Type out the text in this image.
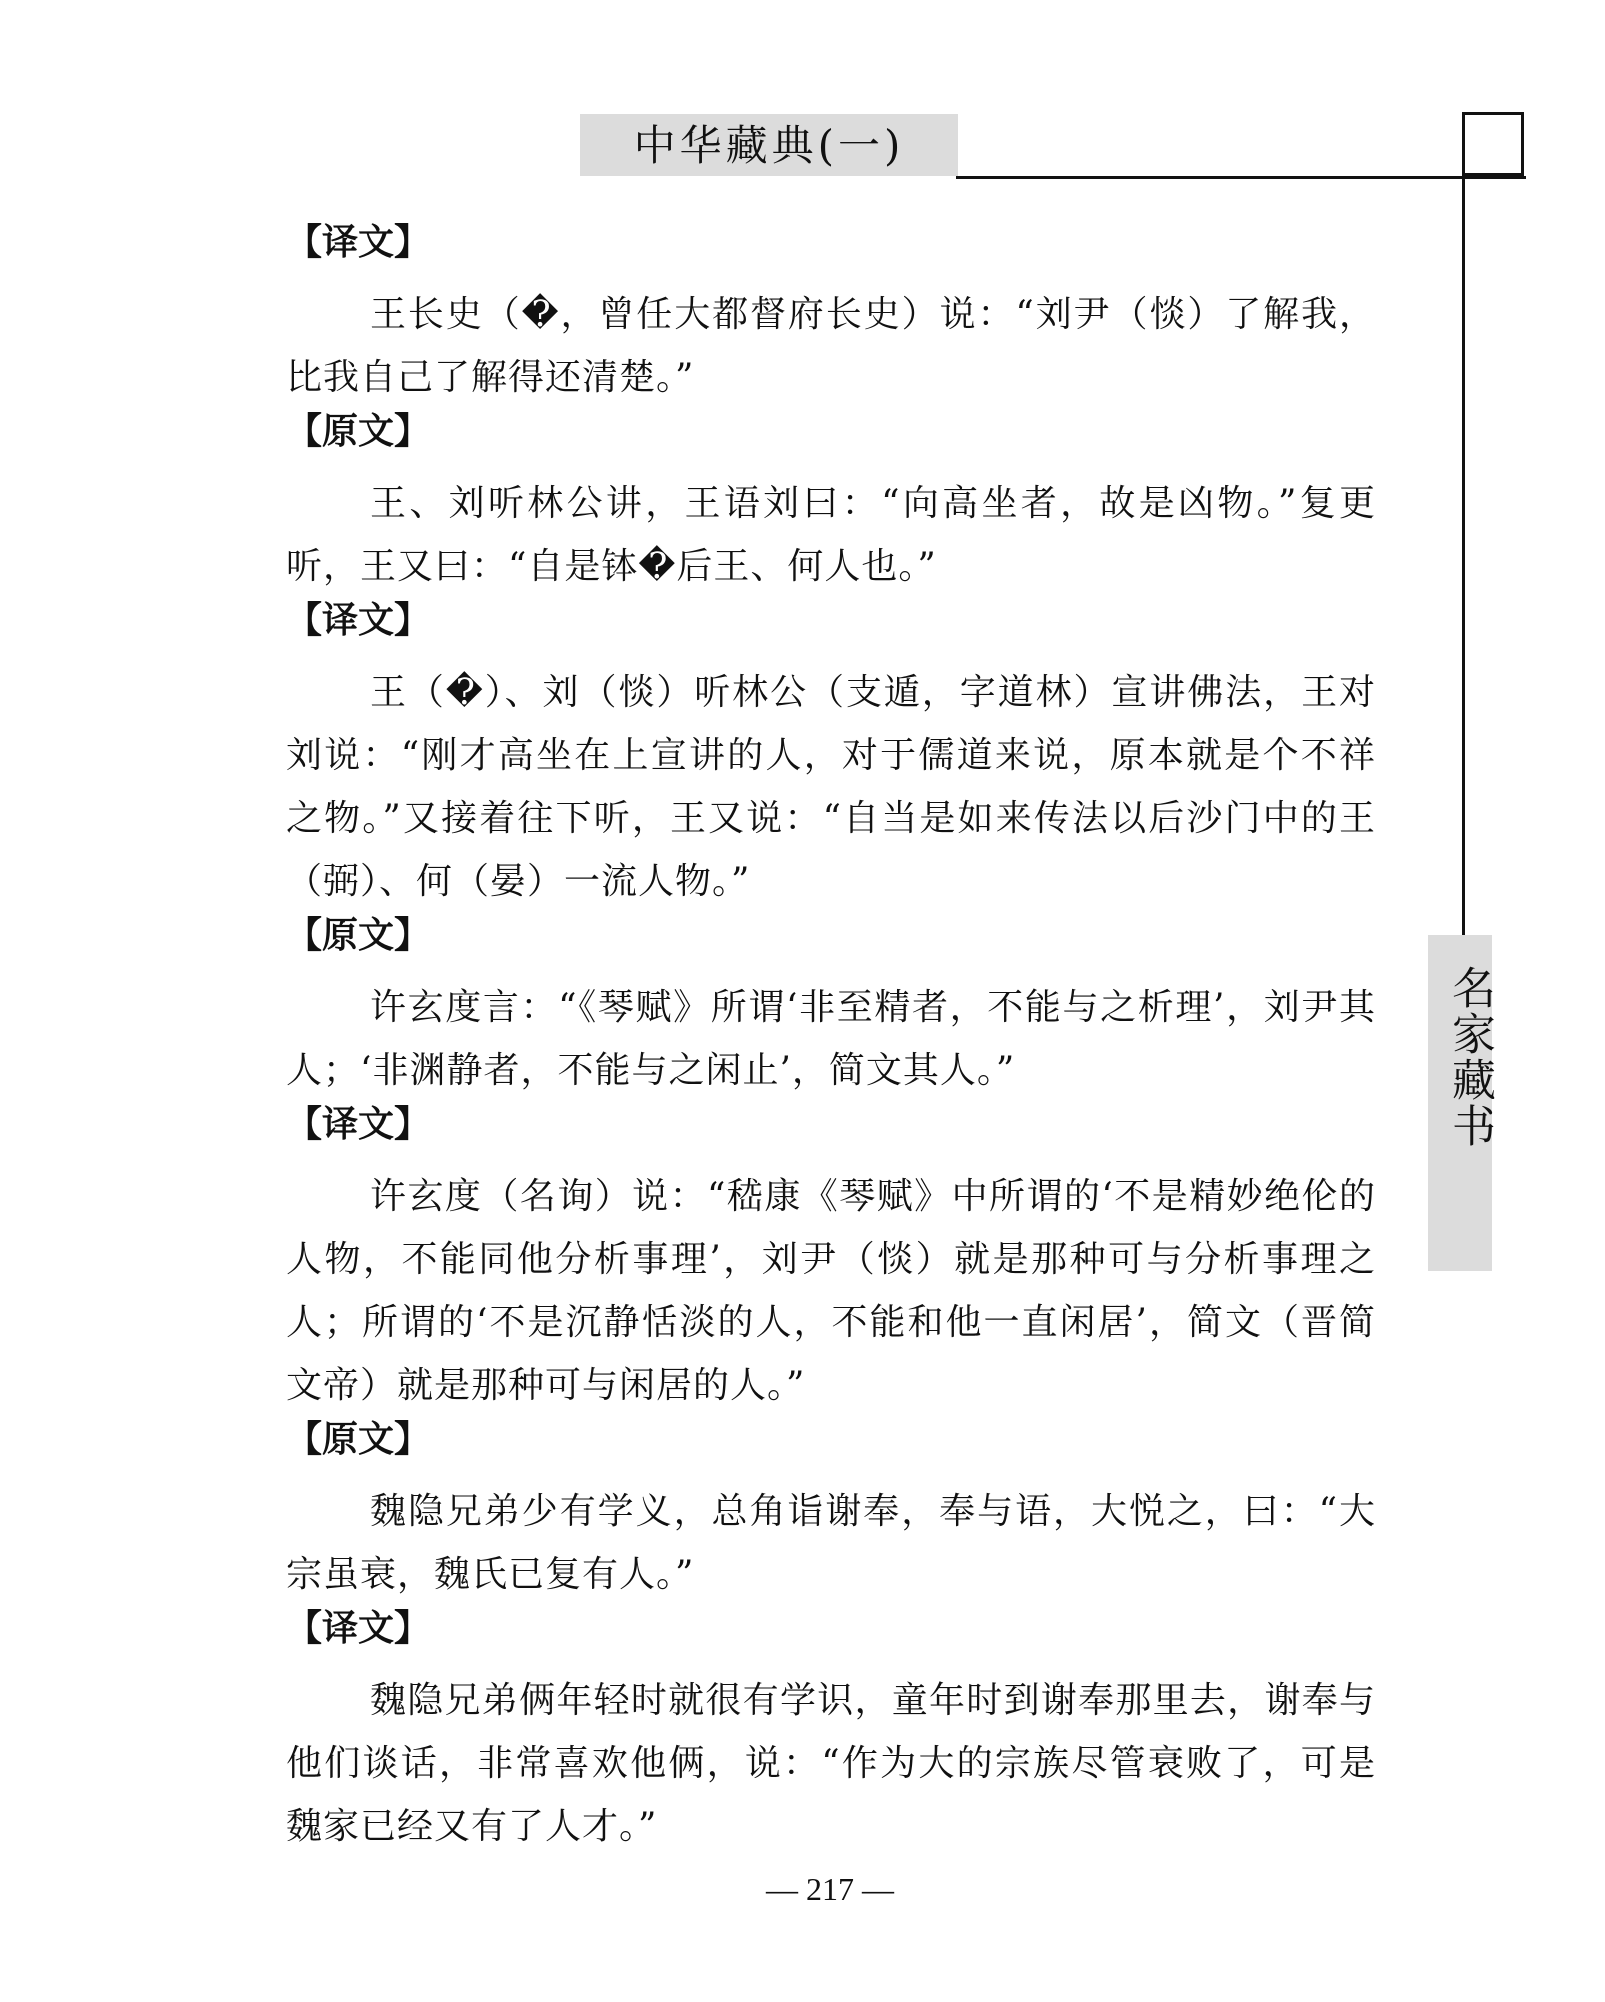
中华藏典(一)
名家藏书

【译文】

王长史（�，曾任大都督府长史）说：“刘尹（惔）了解我，比我自己了解得还清楚。”

【原文】

王、刘听林公讲，王语刘曰：“向高坐者，故是凶物。”复更听，王又曰：“自是钵�后王、何人也。”

【译文】

王（�）、刘（惔）听林公（支遁，字道林）宣讲佛法，王对刘说：“刚才高坐在上宣讲的人，对于儒道来说，原本就是个不祥之物。”又接着往下听，王又说：“自当是如来传法以后沙门中的王（弼）、何（晏）一流人物。”

【原文】

许玄度言：“《琴赋》所谓‘非至精者，不能与之析理’，刘尹其人；‘非渊静者，不能与之闲止’，简文其人。”

【译文】

许玄度（名询）说：“嵇康《琴赋》中所谓的‘不是精妙绝伦的人物，不能同他分析事理’，刘尹（惔）就是那种可与分析事理之人；所谓的‘不是沉静恬淡的人，不能和他一直闲居’，简文（晋简文帝）就是那种可与闲居的人。”

【原文】

魏隐兄弟少有学义，总角诣谢奉，奉与语，大悦之，曰：“大宗虽衰，魏氏已复有人。”

【译文】

魏隐兄弟俩年轻时就很有学识，童年时到谢奉那里去，谢奉与他们谈话，非常喜欢他俩，说：“作为大的宗族尽管衰败了，可是魏家已经又有了人才。”

— 217 —
